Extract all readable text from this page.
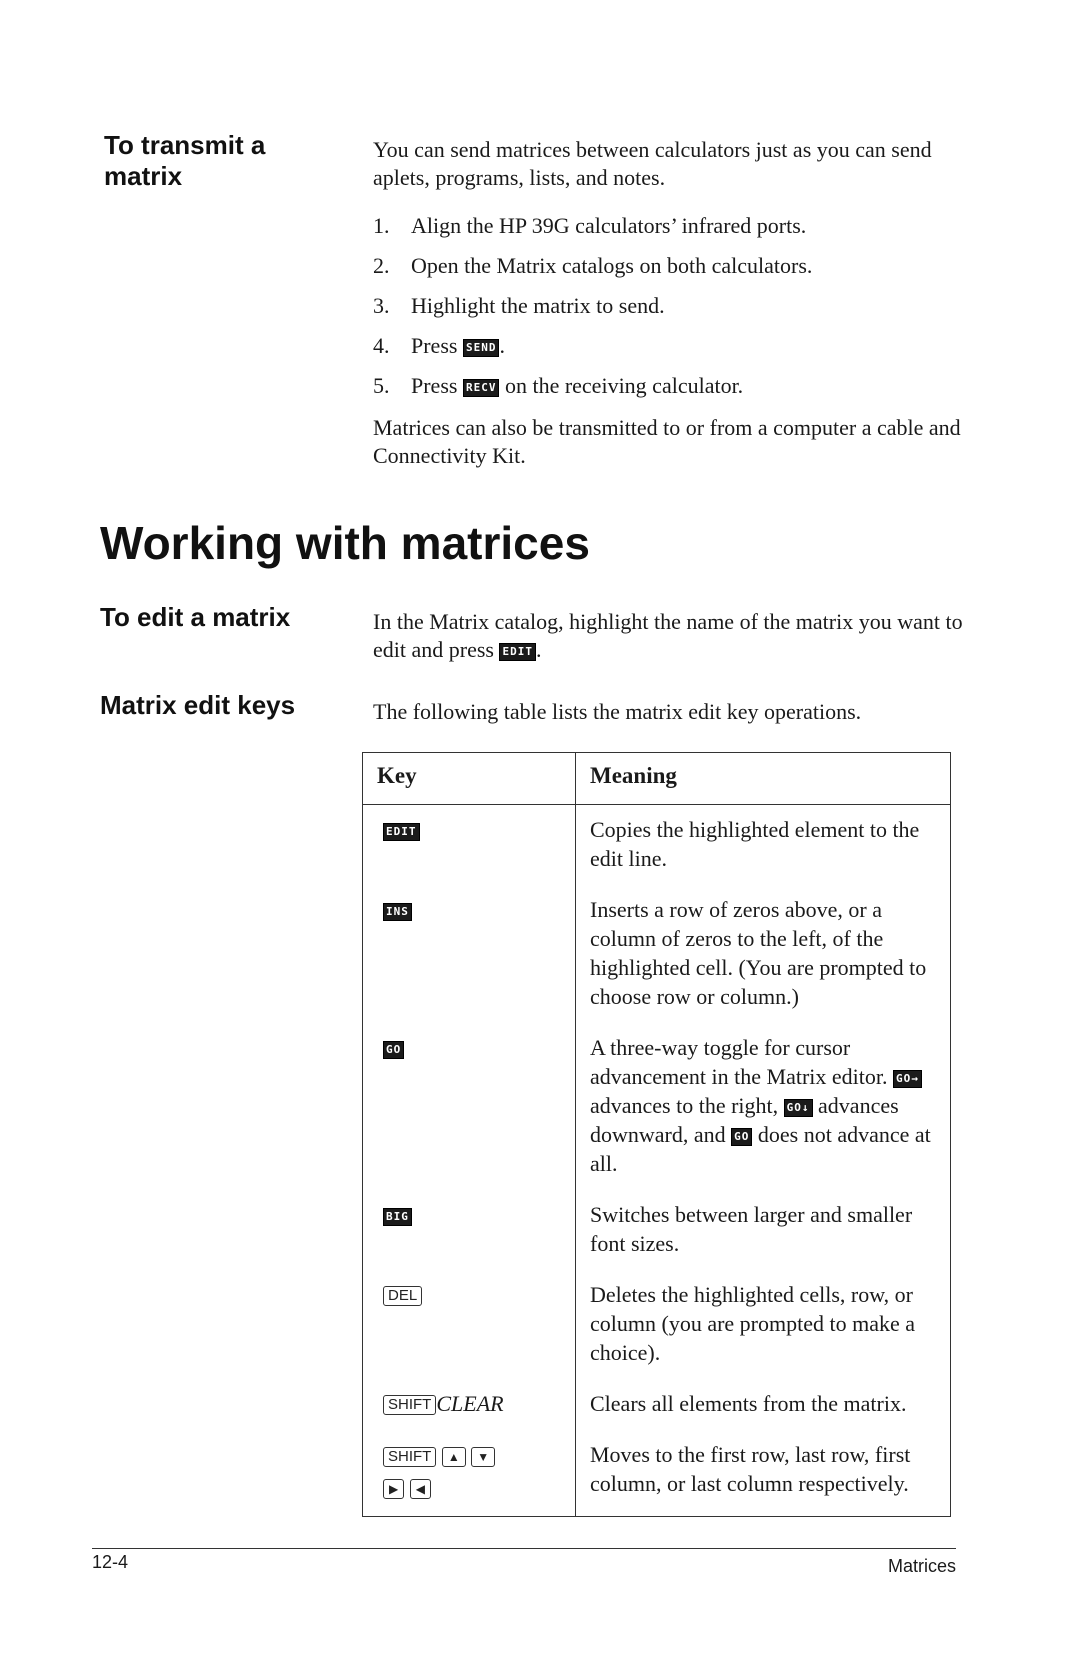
To transmit a matrix
You can send matrices between calculators just as you can send aplets, programs, lists, and notes.
1. Align the HP 39G calculators’ infrared ports.
2. Open the Matrix catalogs on both calculators.
3. Highlight the matrix to send.
4. Press SEND .
5. Press RECV on the receiving calculator.
Matrices can also be transmitted to or from a computer a cable and Connectivity Kit.
Working with matrices
To edit a matrix	In the Matrix catalog, highlight the name of the matrix you want to edit and press EDIT .
Matrix edit keys	The following table lists the matrix edit key operations.
Key	Meaning
EDIT	Copies the highlighted element to the edit line.
INS	Inserts a row of zeros above, or a column of zeros to the left, of the highlighted cell. (You are prompted to choose row or column.)
GO	A three-way toggle for cursor advancement in the Matrix editor. GO→ advances to the right, GO↓ advances downward, and GO does not advance at all.
BIG	Switches between larger and smaller font sizes.
DEL	Deletes the highlighted cells, row, or column (you are prompted to make a choice).
SHIFT CLEAR	Clears all elements from the matrix.
SHIFT ▲ ▼
▶ ◀	Moves to the first row, last row, first column, or last column respectively.
12-4	Matrices
